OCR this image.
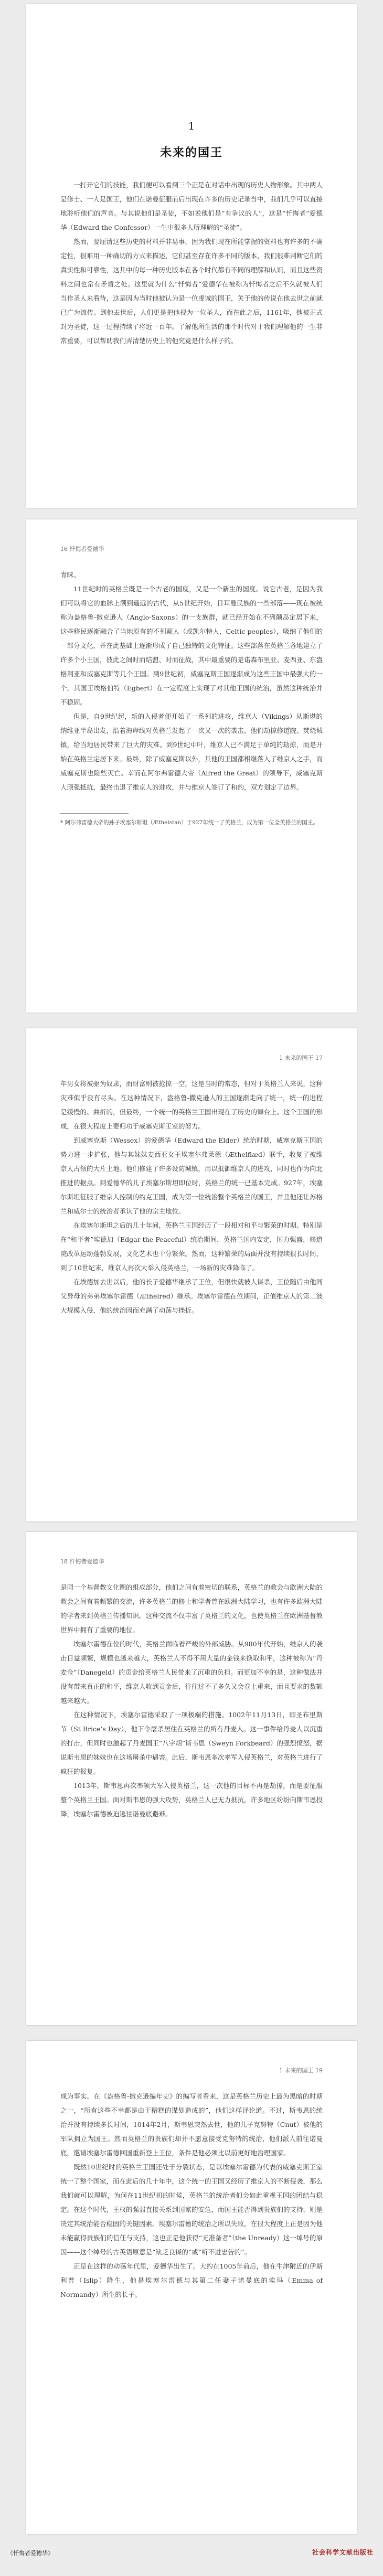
1
未来的国王

一打开它们的技能，我们便可以看到三个正是在对话中出现的历史人物形象。其中两人是修士、一人是国王，他们在诺曼征服前后出现在许多的历史记录当中，我们几乎可以直接地聆听他们的声音。与其说他们是圣徒，不如说他们是“有争议的人”，这是“忏悔者”爱德华（Edward the Confessor）一生中很多人所理解的“圣徒”。

然而，要厘清这些历史的材料并非易事，因为我们现在所能掌握的资料也有许多的不确定性，很难用一种确切的方式来描述，它们甚至存在许多不同的版本，我们很难判断它们的真实性和可靠性，这其中的每一种历史版本在各个时代都有不同的理解和认识，而且这些资料之间也常有矛盾之处。这里就为什么“忏悔者”爱德华在被称为忏悔者之后不久就被人们当作圣人来看待，这是因为当时他被认为是一位虔诚的国王，关于他的传说在他去世之前就已广为流传。到他去世后，人们更是把他视为一位圣人，而在此之后，1161年，他被正式封为圣徒，这一过程持续了将近一百年。了解他所生活的那个时代对于我们理解他的一生非常重要，可以帮助我们弄清楚历史上的他究竟是什么样子的。

16 忏悔者爱德华

青睐。

11世纪时的英格兰既是一个古老的国度，又是一个新生的国度。说它古老，是因为我们可以将它的血脉上溯到遥远的古代，从5世纪开始，日耳曼民族的一些部落——现在被统称为盎格鲁-撒克逊人（Anglo-Saxons）的一支族群，就已经开始在不列颠岛定居下来，这些移民逐渐融合了当地原有的不列颠人（或凯尔特人，Celtic peoples），吸纳了他们的一部分文化，并在此基础上逐渐形成了自己独特的文化特征。这些部落在英格兰各地建立了许多个小王国，彼此之间时而结盟、时而征战，其中最重要的是诺森布里亚、麦西亚、东盎格利亚和威塞克斯等几个王国。到9世纪初，威塞克斯王国逐渐成为这些王国中最强大的一个，其国王埃格伯特（Egbert）在一定程度上实现了对其他王国的统治，虽然这种统治并不稳固。

但是，自9世纪起，新的入侵者便开始了一系列的进攻，维京人（Vikings）从斯堪的纳维亚半岛出发，沿着海岸线对英格兰发起了一次又一次的袭击，他们劫掠修道院、焚烧城镇，给当地居民带来了巨大的灾难。到9世纪中叶，维京人已不满足于单纯的劫掠，而是开始在英格兰定居下来。最终，除了威塞克斯以外，其他的王国都相继落入了维京人之手，而威塞克斯也险些灭亡。幸而在阿尔弗雷德大帝（Alfred the Great）的领导下，威塞克斯人顽强抵抗，最终击退了维京人的进攻，并与维京人签订了和约，双方划定了边界。

* 阿尔弗雷德大帝的孙子埃塞尔斯坦（Æthelstan）于927年统一了英格兰，成为第一位全英格兰的国王。
1 未来的国王 17

年男女将被驱为奴隶，而财富则被抢掠一空，这是当时的常态，但对于英格兰人来说，这种灾难似乎没有尽头。在这种情况下，盎格鲁-撒克逊人的王国逐渐走向了统一，统一的进程是缓慢的、曲折的，但最终，一个统一的英格兰王国出现在了历史的舞台上。这个王国的形成，在很大程度上要归功于威塞克斯王室的努力。

到威塞克斯（Wessex）的爱德华（Edward the Elder）统治时期，威塞克斯王国的势力进一步扩张，他与其妹妹麦西亚女王埃塞尔弗莱德（Æthelflæd）联手，收复了被维京人占领的大片土地。他们修建了许多设防城镇，用以抵御维京人的进攻，同时也作为向北推进的据点。到爱德华的儿子埃塞尔斯坦即位时，英格兰的统一已基本完成。927年，埃塞尔斯坦征服了维京人控制的约克王国，成为第一位统治整个英格兰的国王，并且他还让苏格兰和威尔士的统治者承认了他的宗主地位。

在埃塞尔斯坦之后的几十年间，英格兰王国经历了一段相对和平与繁荣的时期。特别是在“和平者”埃德加（Edgar the Peaceful）统治期间，英格兰国内安定，国力强盛，修道院改革运动蓬勃发展，文化艺术也十分繁荣。然而，这种繁荣的局面并没有持续很长时间，到了10世纪末，维京人再次大举入侵英格兰，一场新的灾难降临了。

在埃德加去世以后，他的长子爱德华继承了王位，但很快就被人谋杀，王位随后由他同父异母的弟弟埃塞尔雷德（Æthelred）继承。埃塞尔雷德在位期间，正值维京人的第二波大规模入侵，他的统治因而充满了动荡与挫折。

18 忏悔者爱德华

是同一个基督教文化圈的组成部分，他们之间有着密切的联系，英格兰的教会与欧洲大陆的教会之间有着频繁的交流，许多英格兰的修士和学者曾在欧洲大陆学习，也有许多欧洲大陆的学者来到英格兰传播知识。这种交流不仅丰富了英格兰的文化，也使英格兰在欧洲基督教世界中拥有了重要的地位。

埃塞尔雷德在位的时代，英格兰面临着严峻的外部威胁。从980年代开始，维京人的袭击日益频繁，规模也越来越大，英格兰人不得不用大量的金钱来换取和平，这种被称为“丹麦金”（Danegeld）的贡金给英格兰人民带来了沉重的负担。而更加不幸的是，这种做法并没有带来真正的和平，维京人收到贡金后，往往过不了多久又会卷土重来，而且要求的数额越来越大。

在这种情况下，埃塞尔雷德采取了一项极端的措施。1002年11月13日，即圣布里斯节（St Brice’s Day），他下令屠杀居住在英格兰的所有丹麦人。这一事件给丹麦人以沉重的打击，但同时也激起了丹麦国王“八字胡”斯韦恩（Sweyn Forkbeard）的强烈愤怒，据说斯韦恩的妹妹也在这场屠杀中遇害。此后，斯韦恩多次率军入侵英格兰，对英格兰进行了疯狂的报复。

1013年，斯韦恩再次率领大军入侵英格兰，这一次他的目标不再是劫掠，而是要征服整个英格兰王国。面对斯韦恩的强大攻势，英格兰人已无力抵抗，许多地区纷纷向斯韦恩投降，埃塞尔雷德被迫逃往诺曼底避难。

1 未来的国王 19

成为事实。在《盎格鲁-撒克逊编年史》的编写者看来，这是英格兰历史上最为黑暗的时期之一，“所有这些不幸都是由于糟糕的谋划造成的”，他们这样评论道。不过，斯韦恩的统治并没有持续多长时间，1014年2月，斯韦恩突然去世，他的儿子克努特（Cnut）被他的军队拥立为国王。然而英格兰的贵族们却并不愿意接受克努特的统治，他们派人前往诺曼底，邀请埃塞尔雷德回国重新登上王位，条件是他必须比以前更好地治理国家。

既然10世纪时的英格兰王国还处于分裂状态，是以埃塞尔雷德为代表的威塞克斯王室统一了整个国家，而在此后的几十年中，这个统一的王国又经历了维京人的不断侵袭，那么我们就可以理解，为何在11世纪初的时候，英格兰的统治者们会如此重视王国的团结与稳定。在这个时代，王权的强弱直接关系到国家的安危，而国王能否得到贵族们的支持，则是决定其统治能否稳固的关键因素。埃塞尔雷德的统治之所以失败，在很大程度上正是因为他未能赢得贵族们的信任与支持，这也正是他获得“无准备者”（the Unready）这一绰号的原因——这个绰号的古英语原意是“缺乏良谋的”或“听不进忠告的”。

正是在这样的动荡年代里，爱德华出生了。大约在1005年前后，他在牛津附近的伊斯利普（Islip）降生，他是埃塞尔雷德与其第二任妻子诺曼底的埃玛（Emma of Normandy）所生的长子。

《忏悔者爱德华》	社会科学文献出版社
